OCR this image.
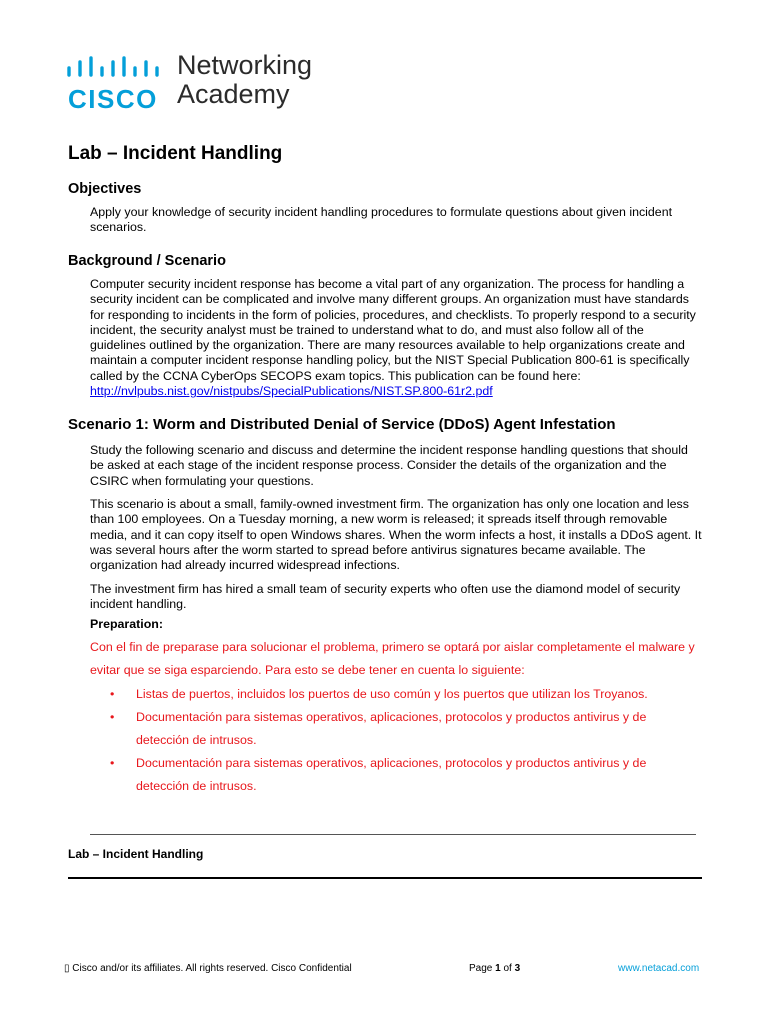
CISCO
Networking
Academy
Lab – Incident Handling
Objectives
Apply your knowledge of security incident handling procedures to formulate questions about given incident scenarios.
Background / Scenario
Computer security incident response has become a vital part of any organization. The process for handling a security incident can be complicated and involve many different groups. An organization must have standards for responding to incidents in the form of policies, procedures, and checklists. To properly respond to a security incident, the security analyst must be trained to understand what to do, and must also follow all of the guidelines outlined by the organization. There are many resources available to help organizations create and maintain a computer incident response handling policy, but the NIST Special Publication 800-61 is specifically called by the CCNA CyberOps SECOPS exam topics. This publication can be found here:
http://nvlpubs.nist.gov/nistpubs/SpecialPublications/NIST.SP.800-61r2.pdf
Scenario 1: Worm and Distributed Denial of Service (DDoS) Agent Infestation
Study the following scenario and discuss and determine the incident response handling questions that should be asked at each stage of the incident response process. Consider the details of the organization and the CSIRC when formulating your questions.
This scenario is about a small, family-owned investment firm. The organization has only one location and less than 100 employees. On a Tuesday morning, a new worm is released; it spreads itself through removable media, and it can copy itself to open Windows shares. When the worm infects a host, it installs a DDoS agent. It was several hours after the worm started to spread before antivirus signatures became available. The organization had already incurred widespread infections.
The investment firm has hired a small team of security experts who often use the diamond model of security incident handling.
Preparation:
Con el fin de preparase para solucionar el problema, primero se optará por aislar completamente el malware y evitar que se siga esparciendo. Para esto se debe tener en cuenta lo siguiente:
• Listas de puertos, incluidos los puertos de uso común y los puertos que utilizan los Troyanos.
• Documentación para sistemas operativos, aplicaciones, protocolos y productos antivirus y de detección de intrusos.
• Documentación para sistemas operativos, aplicaciones, protocolos y productos antivirus y de detección de intrusos.
Lab – Incident Handling
▯ Cisco and/or its affiliates. All rights reserved. Cisco Confidential	Page 1 of 3	www.netacad.com
